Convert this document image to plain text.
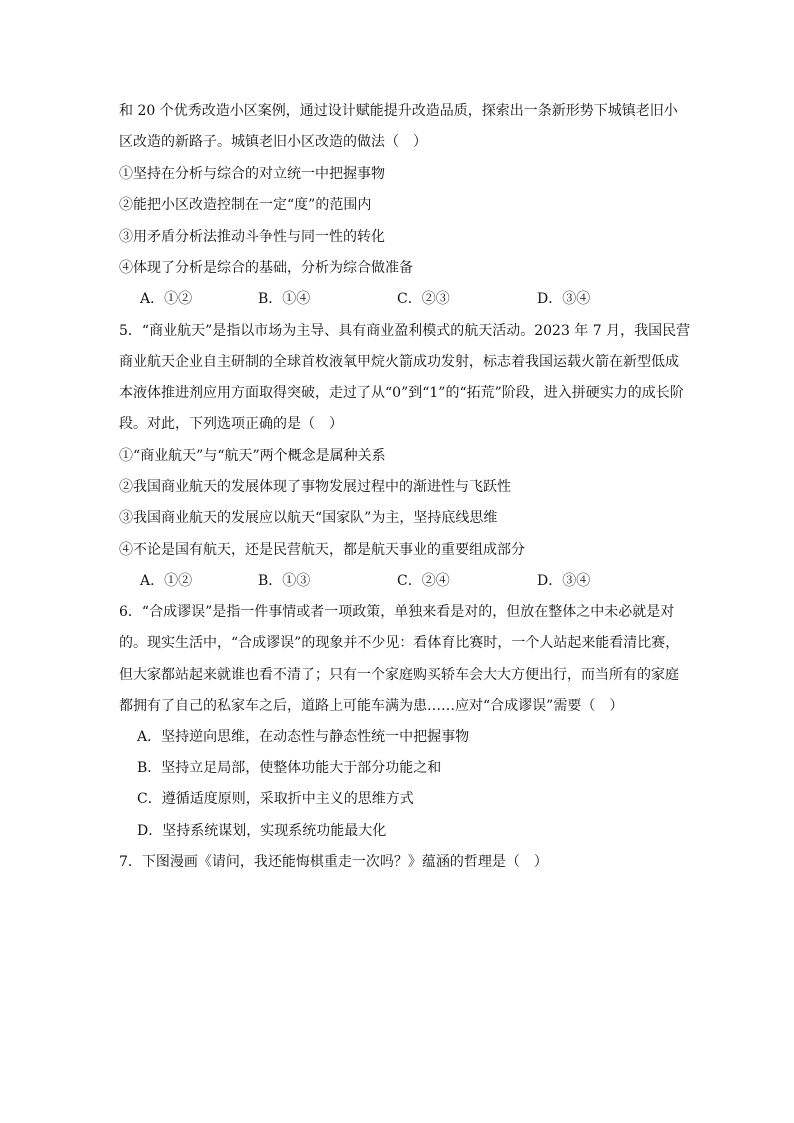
和 20 个优秀改造小区案例，通过设计赋能提升改造品质，探索出一条新形势下城镇老旧小
区改造的新路子。城镇老旧小区改造的做法（　）
①坚持在分析与综合的对立统一中把握事物
②能把小区改造控制在一定“度”的范围内
③用矛盾分析法推动斗争性与同一性的转化
④体现了分析是综合的基础，分析为综合做准备
A．①②	B．①④	C．②③	D．③④
5．“商业航天”是指以市场为主导、具有商业盈利模式的航天活动。2023 年 7 月，我国民营
商业航天企业自主研制的全球首枚液氧甲烷火箭成功发射，标志着我国运载火箭在新型低成
本液体推进剂应用方面取得突破，走过了从“0”到“1”的“拓荒”阶段，进入拼硬实力的成长阶
段。对此，下列选项正确的是（　）
①“商业航天”与“航天”两个概念是属种关系
②我国商业航天的发展体现了事物发展过程中的渐进性与飞跃性
③我国商业航天的发展应以航天“国家队”为主，坚持底线思维
④不论是国有航天，还是民营航天，都是航天事业的重要组成部分
A．①②	B．①③	C．②④	D．③④
6．“合成谬误”是指一件事情或者一项政策，单独来看是对的，但放在整体之中未必就是对
的。现实生活中，“合成谬误”的现象并不少见：看体育比赛时，一个人站起来能看清比赛，
但大家都站起来就谁也看不清了；只有一个家庭购买轿车会大大方便出行，而当所有的家庭
都拥有了自己的私家车之后，道路上可能车满为患……应对“合成谬误”需要（　）
A．坚持逆向思维，在动态性与静态性统一中把握事物
B．坚持立足局部，使整体功能大于部分功能之和
C．遵循适度原则，采取折中主义的思维方式
D．坚持系统谋划，实现系统功能最大化
7．下图漫画《请问，我还能悔棋重走一次吗？》蕴涵的哲理是（　）
